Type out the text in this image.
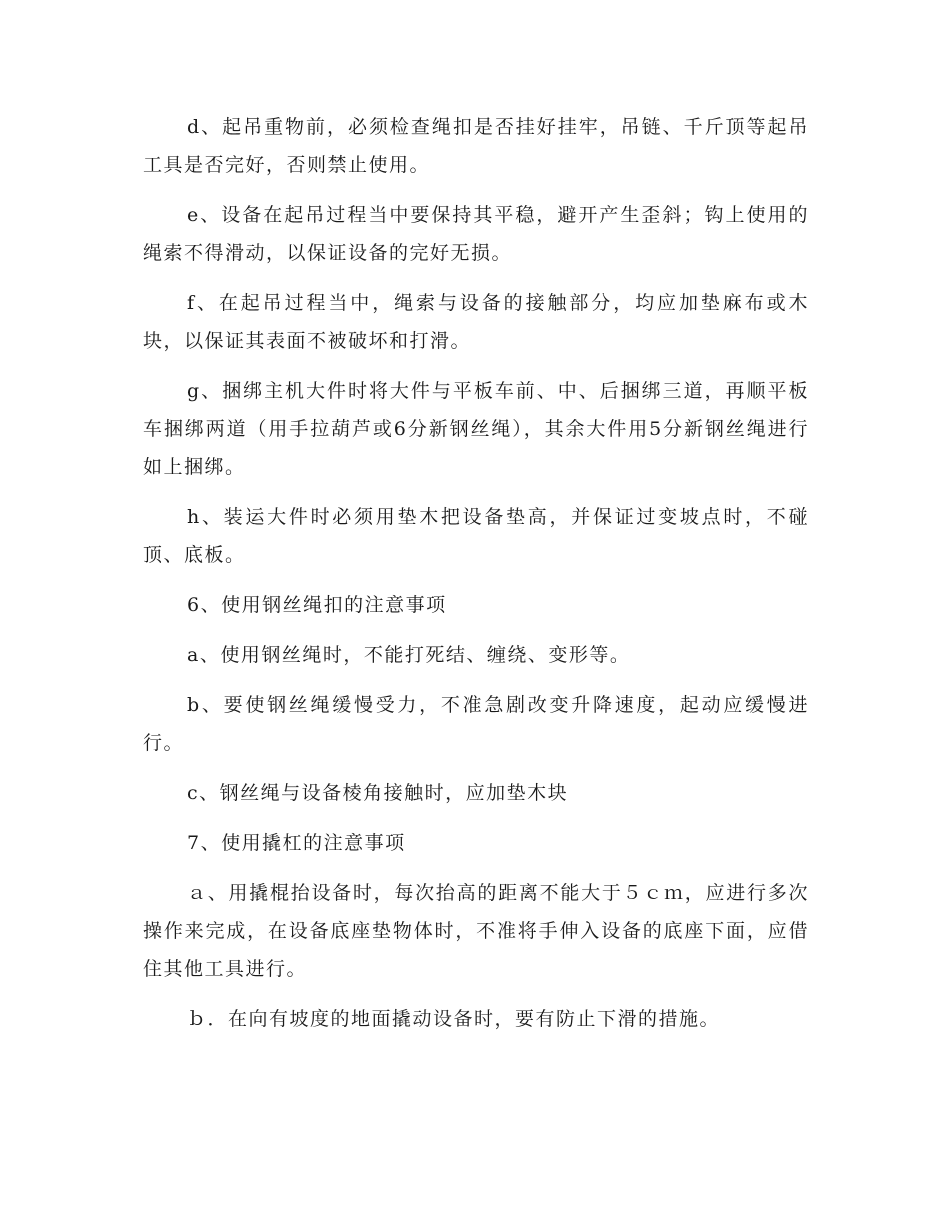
d、起吊重物前，必须检查绳扣是否挂好挂牢，吊链、千斤顶等起吊工具是否完好，否则禁止使用。

e、设备在起吊过程当中要保持其平稳，避开产生歪斜；钩上使用的绳索不得滑动，以保证设备的完好无损。

f、在起吊过程当中，绳索与设备的接触部分，均应加垫麻布或木块，以保证其表面不被破坏和打滑。

g、捆绑主机大件时将大件与平板车前、中、后捆绑三道，再顺平板车捆绑两道（用手拉葫芦或6分新钢丝绳），其余大件用5分新钢丝绳进行如上捆绑。

h、装运大件时必须用垫木把设备垫高，并保证过变坡点时，不碰顶、底板。

6、使用钢丝绳扣的注意事项

a、使用钢丝绳时，不能打死结、缠绕、变形等。

b、要使钢丝绳缓慢受力，不准急剧改变升降速度，起动应缓慢进行。

c、钢丝绳与设备棱角接触时，应加垫木块

7、使用撬杠的注意事项

ａ、用撬棍抬设备时，每次抬高的距离不能大于５ｃｍ，应进行多次操作来完成，在设备底座垫物体时，不准将手伸入设备的底座下面，应借住其他工具进行。

ｂ．在向有坡度的地面撬动设备时，要有防止下滑的措施。
